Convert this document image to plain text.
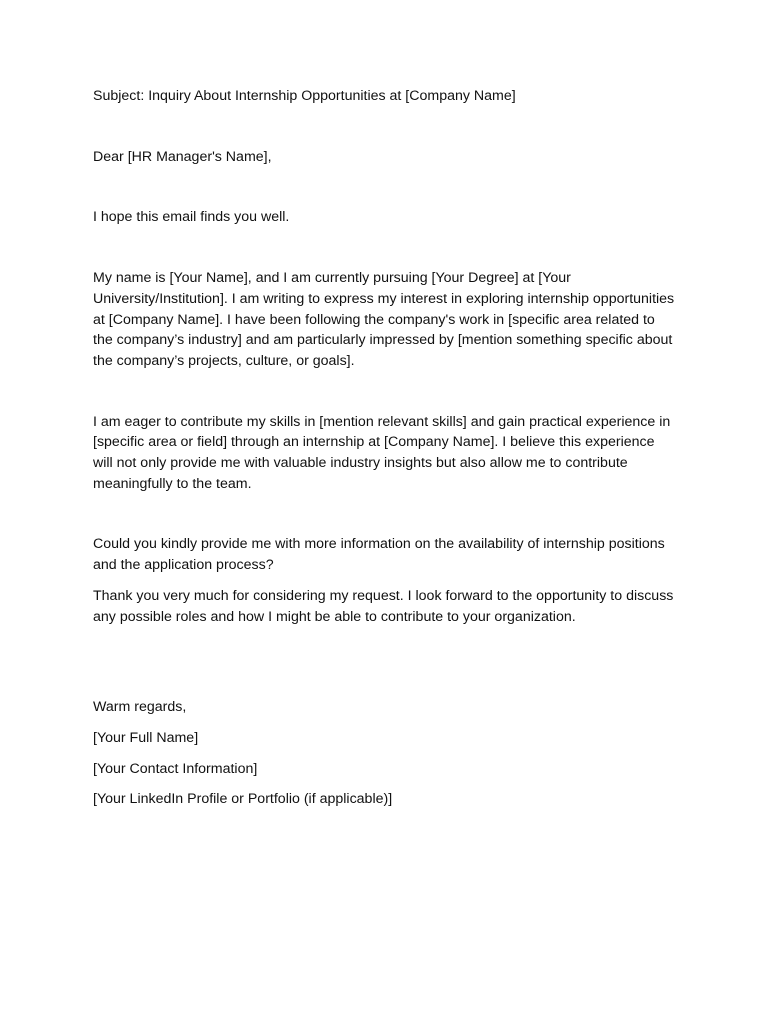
Subject: Inquiry About Internship Opportunities at [Company Name]

Dear [HR Manager's Name],

I hope this email finds you well.

My name is [Your Name], and I am currently pursuing [Your Degree] at [Your University/Institution]. I am writing to express my interest in exploring internship opportunities at [Company Name]. I have been following the company's work in [specific area related to the company’s industry] and am particularly impressed by [mention something specific about the company’s projects, culture, or goals].

I am eager to contribute my skills in [mention relevant skills] and gain practical experience in [specific area or field] through an internship at [Company Name]. I believe this experience will not only provide me with valuable industry insights but also allow me to contribute meaningfully to the team.

Could you kindly provide me with more information on the availability of internship positions and the application process?

Thank you very much for considering my request. I look forward to the opportunity to discuss any possible roles and how I might be able to contribute to your organization.

Warm regards,

[Your Full Name]

[Your Contact Information]

[Your LinkedIn Profile or Portfolio (if applicable)]
